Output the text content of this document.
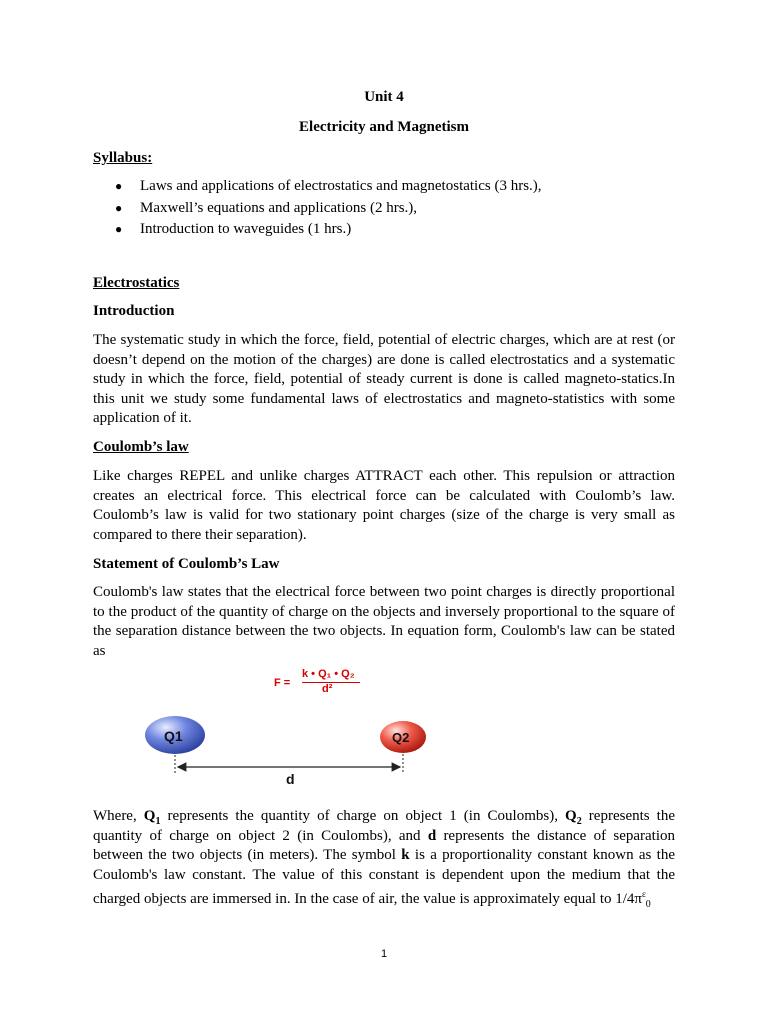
Unit 4
Electricity and Magnetism
Syllabus:
● Laws and applications of electrostatics and magnetostatics (3 hrs.),
● Maxwell’s equations and applications (2 hrs.),
● Introduction to waveguides (1 hrs.)
Electrostatics
Introduction
The systematic study in which the force, field, potential of electric charges, which are at rest (or doesn’t depend on the motion of the charges) are done is called electrostatics and a systematic study in which the force, field, potential of steady current is done is called magneto-statics.In this unit we study some fundamental laws of electrostatics and magneto-statistics with some application of it.
Coulomb’s law
Like charges REPEL and unlike charges ATTRACT each other. This repulsion or attraction creates an electrical force. This electrical force can be calculated with Coulomb’s law. Coulomb’s law is valid for two stationary point charges (size of the charge is very small as compared to there their separation).
Statement of Coulomb’s Law
Coulomb's law states that the electrical force between two point charges is directly proportional to the product of the quantity of charge on the objects and inversely proportional to the square of the separation distance between the two objects. In equation form, Coulomb's law can be stated as
F =
k • Q₁ • Q₂
d²
Q1	Q2
d
Where, $Q_1$ represents the quantity of charge on object 1 (in Coulombs), $Q_2$ represents the quantity of charge on object 2 (in Coulombs), and d represents the distance of separation between the two objects (in meters). The symbol k is a proportionality constant known as the Coulomb's law constant. The value of this constant is dependent upon the medium that the charged objects are immersed in. In the case of air, the value is approximately equal to $1/4\pi^\varepsilon_0$
1
